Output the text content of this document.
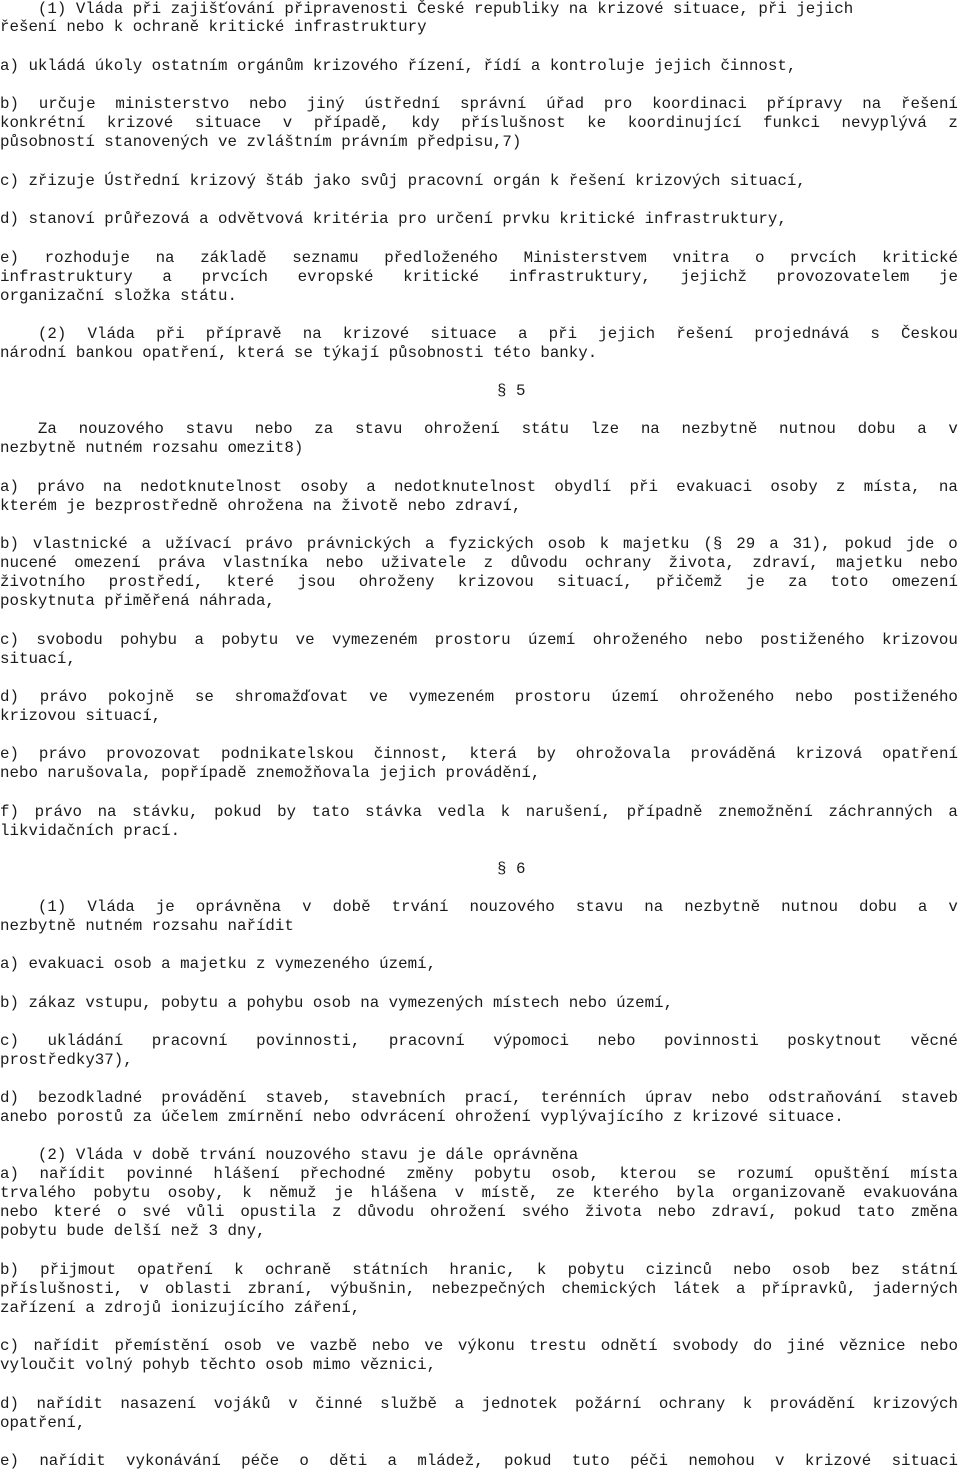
(1) Vláda při zajišťování připravenosti České republiky na krizové situace, při jejich
řešení nebo k ochraně kritické infrastruktury
a) ukládá úkoly ostatním orgánům krizového řízení, řídí a kontroluje jejich činnost,
b) určuje ministerstvo nebo jiný ústřední správní úřad pro koordinaci přípravy na řešení
konkrétní krizové situace v případě, kdy příslušnost ke koordinující funkci nevyplývá z
působností stanovených ve zvláštním právním předpisu,7)
c) zřizuje Ústřední krizový štáb jako svůj pracovní orgán k řešení krizových situací,
d) stanoví průřezová a odvětvová kritéria pro určení prvku kritické infrastruktury,
e) rozhoduje na základě seznamu předloženého Ministerstvem vnitra o prvcích kritické
infrastruktury a prvcích evropské kritické infrastruktury, jejichž provozovatelem je
organizační složka státu.
(2) Vláda při přípravě na krizové situace a při jejich řešení projednává s Českou
národní bankou opatření, která se týkají působnosti této banky.
§ 5
Za nouzového stavu nebo za stavu ohrožení státu lze na nezbytně nutnou dobu a v
nezbytně nutném rozsahu omezit8)
a) právo na nedotknutelnost osoby a nedotknutelnost obydlí při evakuaci osoby z místa, na
kterém je bezprostředně ohrožena na životě nebo zdraví,
b) vlastnické a užívací právo právnických a fyzických osob k majetku (§ 29 a 31), pokud jde o
nucené omezení práva vlastníka nebo uživatele z důvodu ochrany života, zdraví, majetku nebo
životního prostředí, které jsou ohroženy krizovou situací, přičemž je za toto omezení
poskytnuta přiměřená náhrada,
c) svobodu pohybu a pobytu ve vymezeném prostoru území ohroženého nebo postiženého krizovou
situací,
d) právo pokojně se shromažďovat ve vymezeném prostoru území ohroženého nebo postiženého
krizovou situací,
e) právo provozovat podnikatelskou činnost, která by ohrožovala prováděná krizová opatření
nebo narušovala, popřípadě znemožňovala jejich provádění,
f) právo na stávku, pokud by tato stávka vedla k narušení, případně znemožnění záchranných a
likvidačních prací.
§ 6
(1) Vláda je oprávněna v době trvání nouzového stavu na nezbytně nutnou dobu a v
nezbytně nutném rozsahu nařídit
a) evakuaci osob a majetku z vymezeného území,
b) zákaz vstupu, pobytu a pohybu osob na vymezených místech nebo území,
c) ukládání pracovní povinnosti, pracovní výpomoci nebo povinnosti poskytnout věcné
prostředky37),
d) bezodkladné provádění staveb, stavebních prací, terénních úprav nebo odstraňování staveb
anebo porostů za účelem zmírnění nebo odvrácení ohrožení vyplývajícího z krizové situace.
(2) Vláda v době trvání nouzového stavu je dále oprávněna
a) nařídit povinné hlášení přechodné změny pobytu osob, kterou se rozumí opuštění místa
trvalého pobytu osoby, k němuž je hlášena v místě, ze kterého byla organizovaně evakuována
nebo které o své vůli opustila z důvodu ohrožení svého života nebo zdraví, pokud tato změna
pobytu bude delší než 3 dny,
b) přijmout opatření k ochraně státních hranic, k pobytu cizinců nebo osob bez státní
příslušnosti, v oblasti zbraní, výbušnin, nebezpečných chemických látek a přípravků, jaderných
zařízení a zdrojů ionizujícího záření,
c) nařídit přemístění osob ve vazbě nebo ve výkonu trestu odnětí svobody do jiné věznice nebo
vyloučit volný pohyb těchto osob mimo věznici,
d) nařídit nasazení vojáků v činné službě a jednotek požární ochrany k provádění krizových
opatření,
e) nařídit vykonávání péče o děti a mládež, pokud tuto péči nemohou v krizové situaci
